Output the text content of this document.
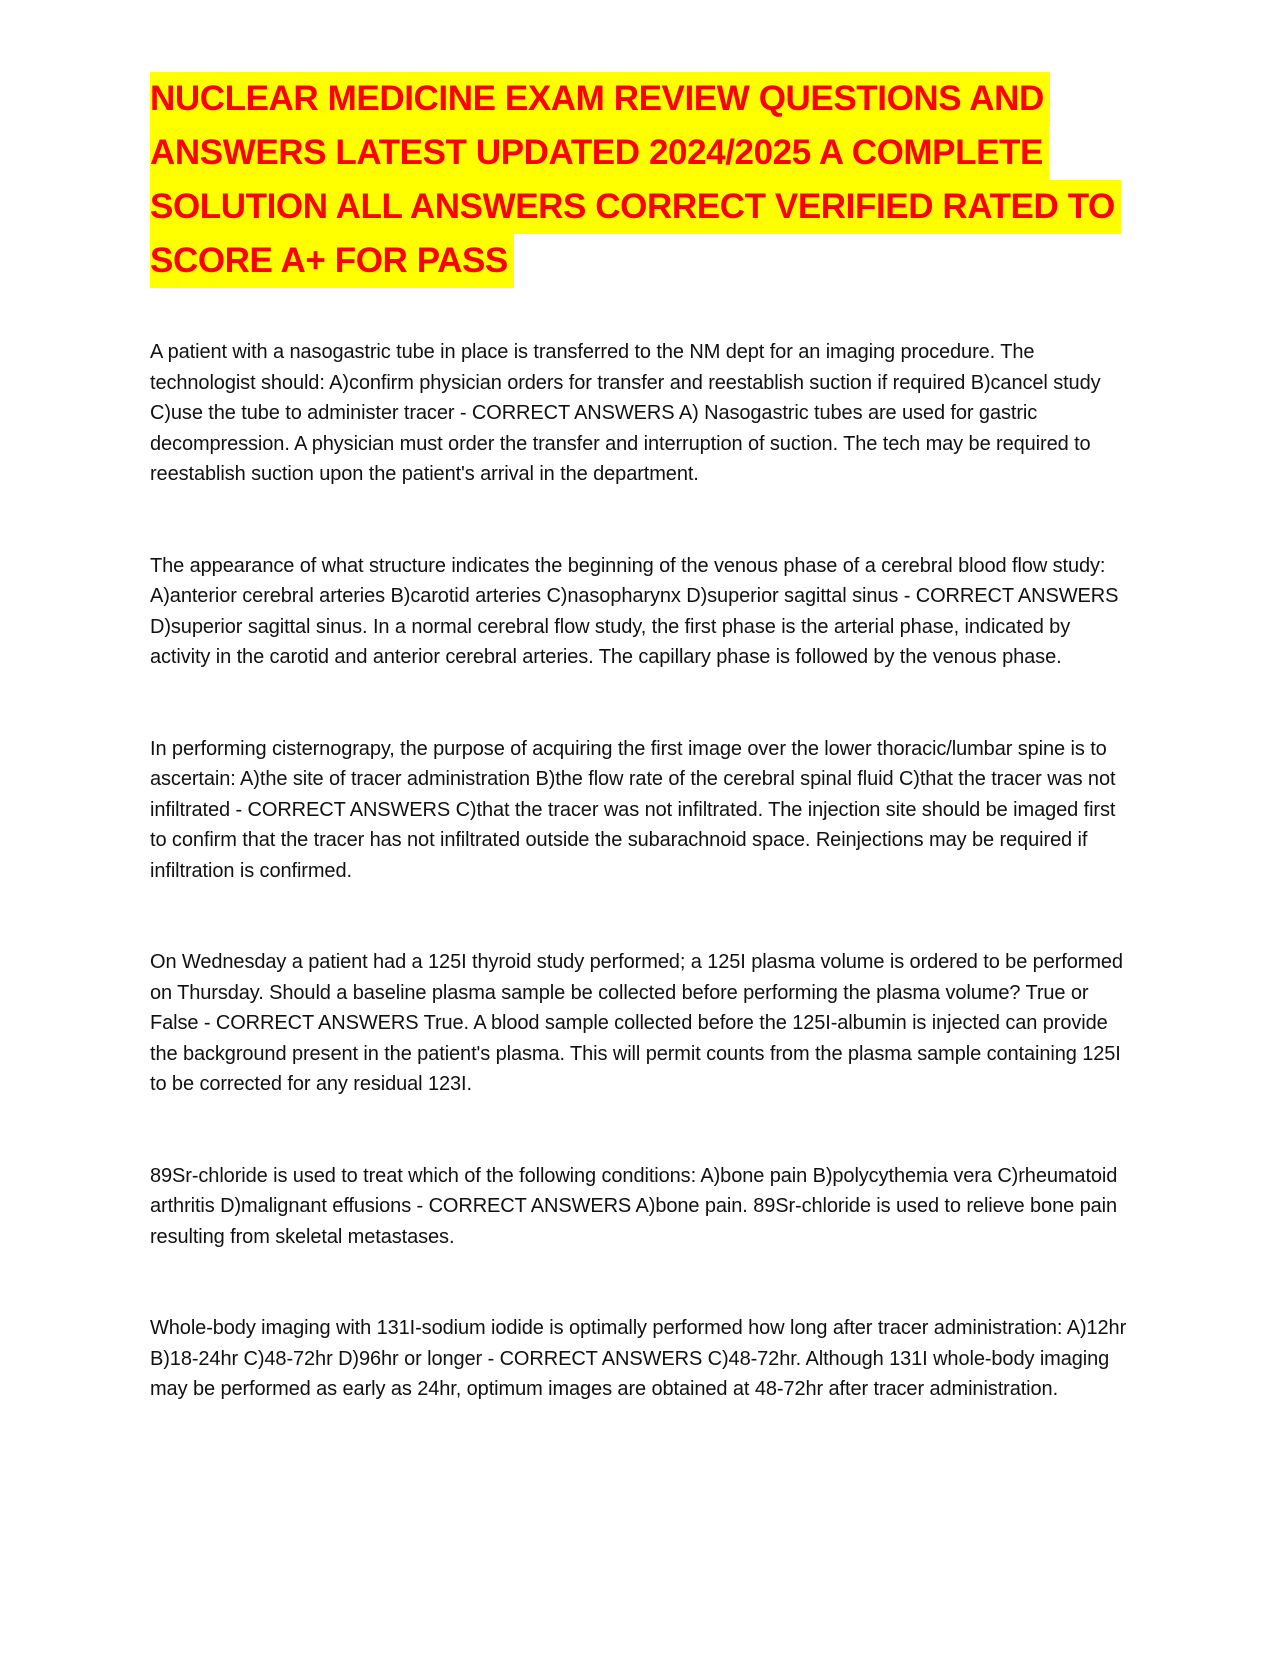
NUCLEAR MEDICINE EXAM REVIEW QUESTIONS AND
ANSWERS LATEST UPDATED 2024/2025 A COMPLETE
SOLUTION ALL ANSWERS CORRECT VERIFIED RATED TO
SCORE A+ FOR PASS

A patient with a nasogastric tube in place is transferred to the NM dept for an imaging procedure. The technologist should: A)confirm physician orders for transfer and reestablish suction if required B)cancel study C)use the tube to administer tracer - CORRECT ANSWERS A) Nasogastric tubes are used for gastric decompression. A physician must order the transfer and interruption of suction. The tech may be required to reestablish suction upon the patient's arrival in the department.

The appearance of what structure indicates the beginning of the venous phase of a cerebral blood flow study: A)anterior cerebral arteries B)carotid arteries C)nasopharynx D)superior sagittal sinus - CORRECT ANSWERS D)superior sagittal sinus. In a normal cerebral flow study, the first phase is the arterial phase, indicated by activity in the carotid and anterior cerebral arteries. The capillary phase is followed by the venous phase.

In performing cisternograpy, the purpose of acquiring the first image over the lower thoracic/lumbar spine is to ascertain: A)the site of tracer administration B)the flow rate of the cerebral spinal fluid C)that the tracer was not infiltrated - CORRECT ANSWERS C)that the tracer was not infiltrated. The injection site should be imaged first to confirm that the tracer has not infiltrated outside the subarachnoid space. Reinjections may be required if infiltration is confirmed.

On Wednesday a patient had a 125I thyroid study performed; a 125I plasma volume is ordered to be performed on Thursday. Should a baseline plasma sample be collected before performing the plasma volume? True or False - CORRECT ANSWERS True. A blood sample collected before the 125I-albumin is injected can provide the background present in the patient's plasma. This will permit counts from the plasma sample containing 125I to be corrected for any residual 123I.

89Sr-chloride is used to treat which of the following conditions: A)bone pain B)polycythemia vera C)rheumatoid arthritis D)malignant effusions - CORRECT ANSWERS A)bone pain. 89Sr-chloride is used to relieve bone pain resulting from skeletal metastases.

Whole-body imaging with 131I-sodium iodide is optimally performed how long after tracer administration: A)12hr B)18-24hr C)48-72hr D)96hr or longer - CORRECT ANSWERS C)48-72hr. Although 131I whole-body imaging may be performed as early as 24hr, optimum images are obtained at 48-72hr after tracer administration.
